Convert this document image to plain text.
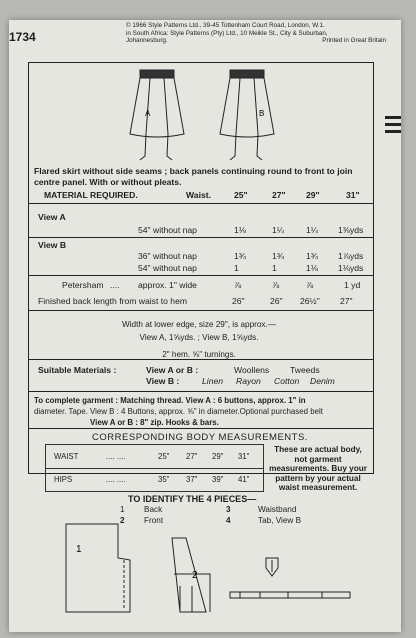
1734
© 1966 Style Patterns Ltd., 39-45 Tottenham Court Road, London, W.1.
in South Africa: Style Patterns (Pty) Ltd., 10 Meikle St., City & Suburban,
Johannesburg.	Printed in Great Britain
A	B
Flared skirt without side seams ; back panels continuing round to front to join centre panel. With or without pleats.
MATERIAL REQUIRED.	Waist.	25"	27" 29"	31"
View A
54" without nap	1⅛	1¼	1¼ 1⅜yds
View B
36" without nap	1¾	1¾	1¾ 1⅞yds
54" without nap	1	1	1⅛ 1⅛yds
Petersham .... approx. 1" wide	⅞	⅞	⅞	1 yd
Finished back length from waist to hem	26"	26" 26½" 27"
Width at lower edge, size 29", is approx.—
View A, 1⅝yds. ; View B, 1⅝yds.
2" hem. ⅝" turnings.
Suitable Materials :	View A or B :	Woollens Tweeds
View B :	Linen Rayon Cotton Denim
To complete garment : Matching thread. View A : 6 buttons, approx. 1" in
diameter. Tape. View B : 4 Buttons, approx. ⅝" in diameter.Optional purchased belt
View A or B : 8" zip. Hooks & bars.
CORRESPONDING BODY MEASUREMENTS.
WAIST	.... ....	25" 27" 29" 31"
HIPS	.... ....	35" 37" 39" 41"
These are actual body, not garment measurements. Buy your pattern by your actual waist measurement.
TO IDENTIFY THE 4 PIECES—
1 Back
2 Front
3	Waistband
4	Tab, View B
1
2
